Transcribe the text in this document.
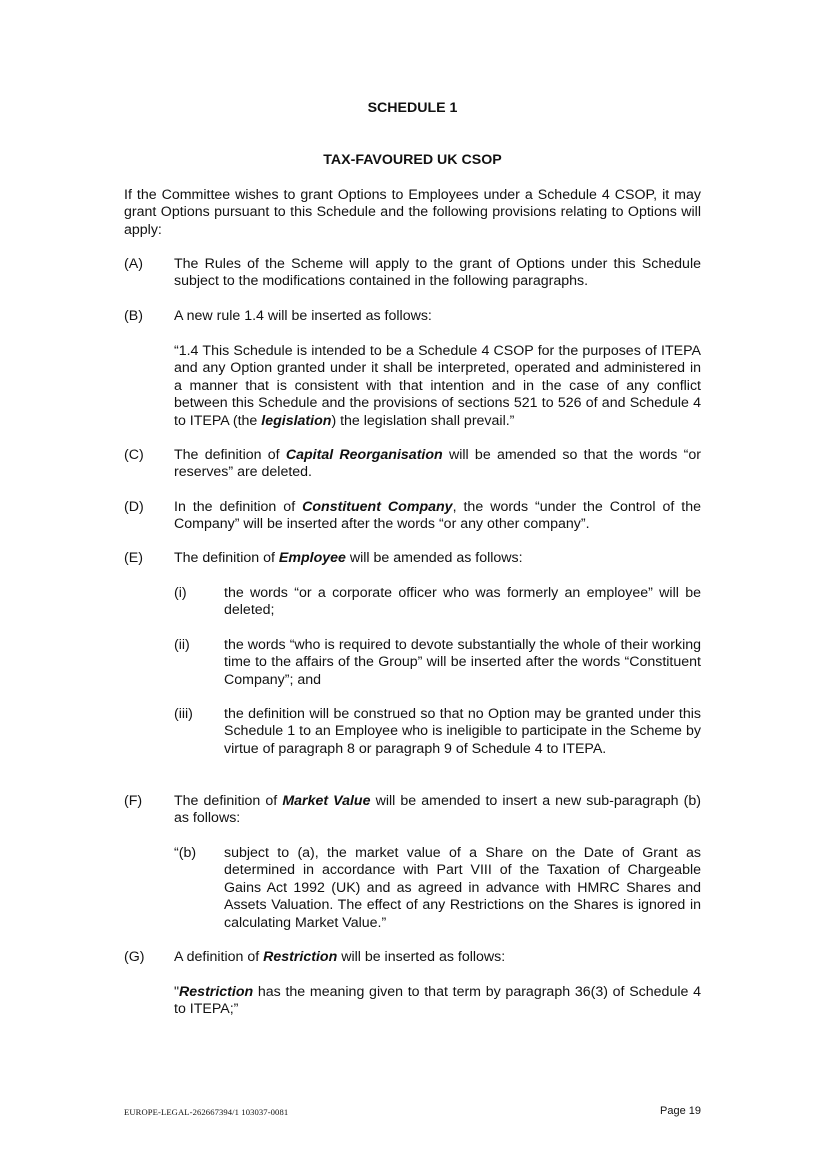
SCHEDULE 1
TAX-FAVOURED UK CSOP
If the Committee wishes to grant Options to Employees under a Schedule 4 CSOP, it may grant Options pursuant to this Schedule and the following provisions relating to Options will apply:
(A) The Rules of the Scheme will apply to the grant of Options under this Schedule subject to the modifications contained in the following paragraphs.
(B) A new rule 1.4 will be inserted as follows:
“1.4 This Schedule is intended to be a Schedule 4 CSOP for the purposes of ITEPA and any Option granted under it shall be interpreted, operated and administered in a manner that is consistent with that intention and in the case of any conflict between this Schedule and the provisions of sections 521 to 526 of and Schedule 4 to ITEPA (the legislation) the legislation shall prevail.”
(C) The definition of Capital Reorganisation will be amended so that the words “or reserves” are deleted.
(D) In the definition of Constituent Company, the words “under the Control of the Company” will be inserted after the words “or any other company”.
(E) The definition of Employee will be amended as follows:
(i)	the words “or a corporate officer who was formerly an employee” will be deleted;
(ii) the words “who is required to devote substantially the whole of their working time to the affairs of the Group” will be inserted after the words “Constituent Company”; and
(iii) the definition will be construed so that no Option may be granted under this Schedule 1 to an Employee who is ineligible to participate in the Scheme by virtue of paragraph 8 or paragraph 9 of Schedule 4 to ITEPA.
(F) The definition of Market Value will be amended to insert a new sub-paragraph (b) as follows:
“(b) subject to (a), the market value of a Share on the Date of Grant as determined in accordance with Part VIII of the Taxation of Chargeable Gains Act 1992 (UK) and as agreed in advance with HMRC Shares and Assets Valuation. The effect of any Restrictions on the Shares is ignored in calculating Market Value.”
(G) A definition of Restriction will be inserted as follows:
"Restriction has the meaning given to that term by paragraph 36(3) of Schedule 4 to ITEPA;”
EUROPE-LEGAL-262667394/1 103037-0081	Page 19
